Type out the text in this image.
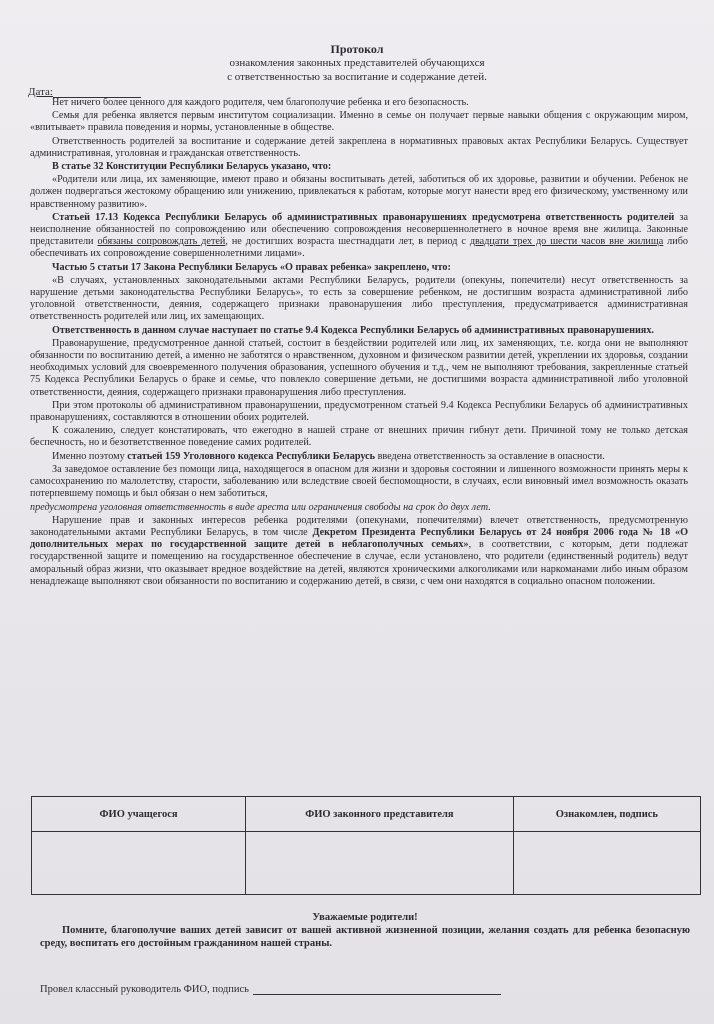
Протокол
ознакомления законных представителей обучающихся
с ответственностью за воспитание и содержание детей.
Дата:

Нет ничего более ценного для каждого родителя, чем благополучие ребенка и его безопасность.

Семья для ребенка является первым институтом социализации. Именно в семье он получает первые навыки общения с окружающим миром, «впитывает» правила поведения и нормы, установленные в обществе.

Ответственность родителей за воспитание и содержание детей закреплена в нормативных правовых актах Республики Беларусь. Существует административная, уголовная и гражданская ответственность.

В статье 32 Конституции Республики Беларусь указано, что:

«Родители или лица, их заменяющие, имеют право и обязаны воспитывать детей, заботиться об их здоровье, развитии и обучении. Ребенок не должен подвергаться жестокому обращению или унижению, привлекаться к работам, которые могут нанести вред его физическому, умственному или нравственному развитию».

Статьей 17.13 Кодекса Республики Беларусь об административных правонарушениях предусмотрена ответственность родителей за неисполнение обязанностей по сопровождению или обеспечению сопровождения несовершеннолетнего в ночное время вне жилища. Законные представители обязаны сопровождать детей, не достигших возраста шестнадцати лет, в период с двадцати трех до шести часов вне жилища либо обеспечивать их сопровождение совершеннолетними лицами».

Частью 5 статьи 17 Закона Республики Беларусь «О правах ребенка» закреплено, что:

«В случаях, установленных законодательными актами Республики Беларусь, родители (опекуны, попечители) несут ответственность за нарушение детьми законодательства Республики Беларусь», то есть за совершение ребенком, не достигшим возраста административной либо уголовной ответственности, деяния, содержащего признаки правонарушения либо преступления, предусматривается административная ответственность родителей или лиц, их замещающих.

Ответственность в данном случае наступает по статье 9.4 Кодекса Республики Беларусь об административных правонарушениях.

Правонарушение, предусмотренное данной статьей, состоит в бездействии родителей или лиц, их заменяющих, т.е. когда они не выполняют обязанности по воспитанию детей, а именно не заботятся о нравственном, духовном и физическом развитии детей, укреплении их здоровья, создании необходимых условий для своевременного получения образования, успешного обучения и т.д., чем не выполняют требования, закрепленные статьей 75 Кодекса Республики Беларусь о браке и семье, что повлекло совершение детьми, не достигшими возраста административной либо уголовной ответственности, деяния, содержащего признаки правонарушения либо преступления.

При этом протоколы об административном правонарушении, предусмотренном статьей 9.4 Кодекса Республики Беларусь об административных правонарушениях, составляются в отношении обоих родителей.

К сожалению, следует констатировать, что ежегодно в нашей стране от внешних причин гибнут дети. Причиной тому не только детская беспечность, но и безответственное поведение самих родителей.

Именно поэтому статьей 159 Уголовного кодекса Республики Беларусь введена ответственность за оставление в опасности.

За заведомое оставление без помощи лица, находящегося в опасном для жизни и здоровья состоянии и лишенного возможности принять меры к самосохранению по малолетству, старости, заболеванию или вследствие своей беспомощности, в случаях, если виновный имел возможность оказать потерпевшему помощь и был обязан о нем заботиться,

предусмотрена уголовная ответственность в виде ареста или ограничения свободы на срок до двух лет.

Нарушение прав и законных интересов ребенка родителями (опекунами, попечителями) влечет ответственность, предусмотренную законодательными актами Республики Беларусь, в том числе Декретом Президента Республики Беларусь от 24 ноября 2006 года № 18 «О дополнительных мерах по государственной защите детей в неблагополучных семьях», в соответствии, с которым, дети подлежат государственной защите и помещению на государственное обеспечение в случае, если установлено, что родители (единственный родитель) ведут аморальный образ жизни, что оказывает вредное воздействие на детей, являются хроническими алкоголиками или наркоманами либо иным образом ненадлежаще выполняют свои обязанности по воспитанию и содержанию детей, в связи, с чем они находятся в социально опасном положении.

ФИО учащегося	ФИО законного представителя	Ознакомлен, подпись

Уважаемые родители!
Помните, благополучие ваших детей зависит от вашей активной жизненной позиции, желания создать для ребенка безопасную среду, воспитать его достойным гражданином нашей страны.
Провел классный руководитель ФИО, подпись
